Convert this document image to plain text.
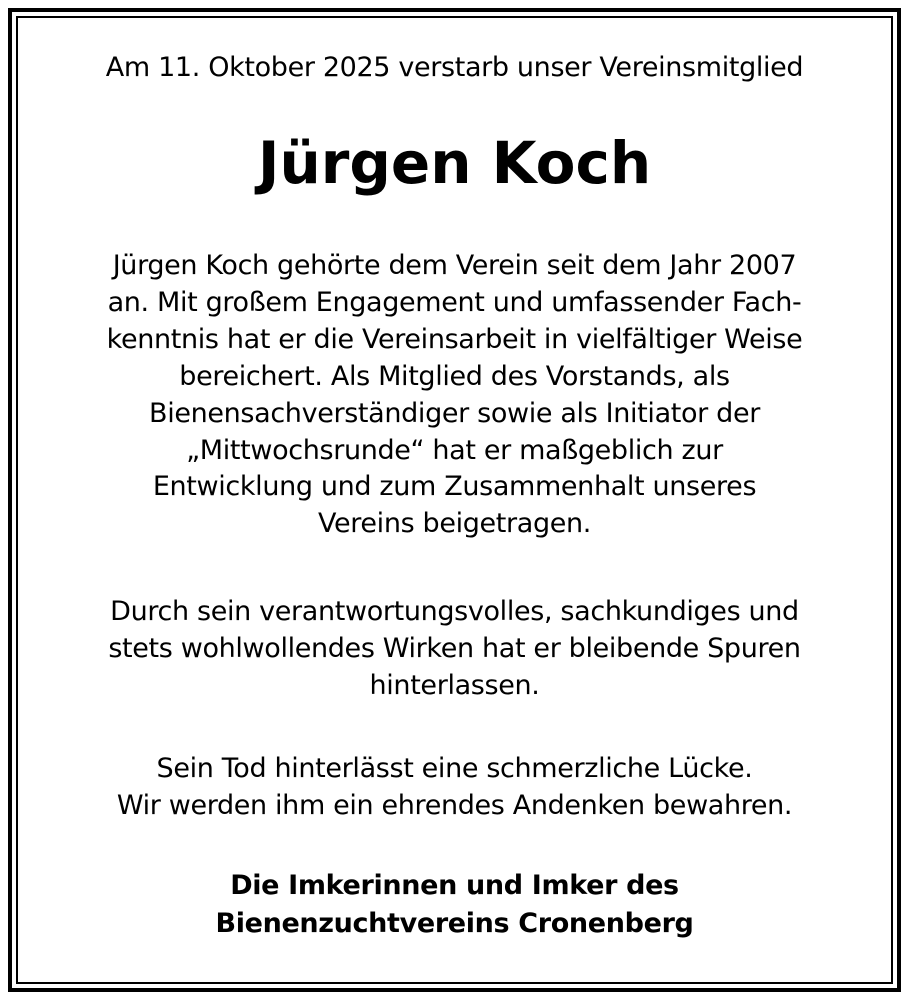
Am 11. Oktober 2025 verstarb unser Vereinsmitglied

Jürgen Koch

Jürgen Koch gehörte dem Verein seit dem Jahr 2007
an. Mit großem Engagement und umfassender Fach-
kenntnis hat er die Vereinsarbeit in vielfältiger Weise
bereichert. Als Mitglied des Vorstands, als
Bienensachverständiger sowie als Initiator der
„Mittwochsrunde“ hat er maßgeblich zur
Entwicklung und zum Zusammenhalt unseres
Vereins beigetragen.

Durch sein verantwortungsvolles, sachkundiges und
stets wohlwollendes Wirken hat er bleibende Spuren
hinterlassen.

Sein Tod hinterlässt eine schmerzliche Lücke.
Wir werden ihm ein ehrendes Andenken bewahren.

Die Imkerinnen und Imker des
Bienenzuchtvereins Cronenberg
